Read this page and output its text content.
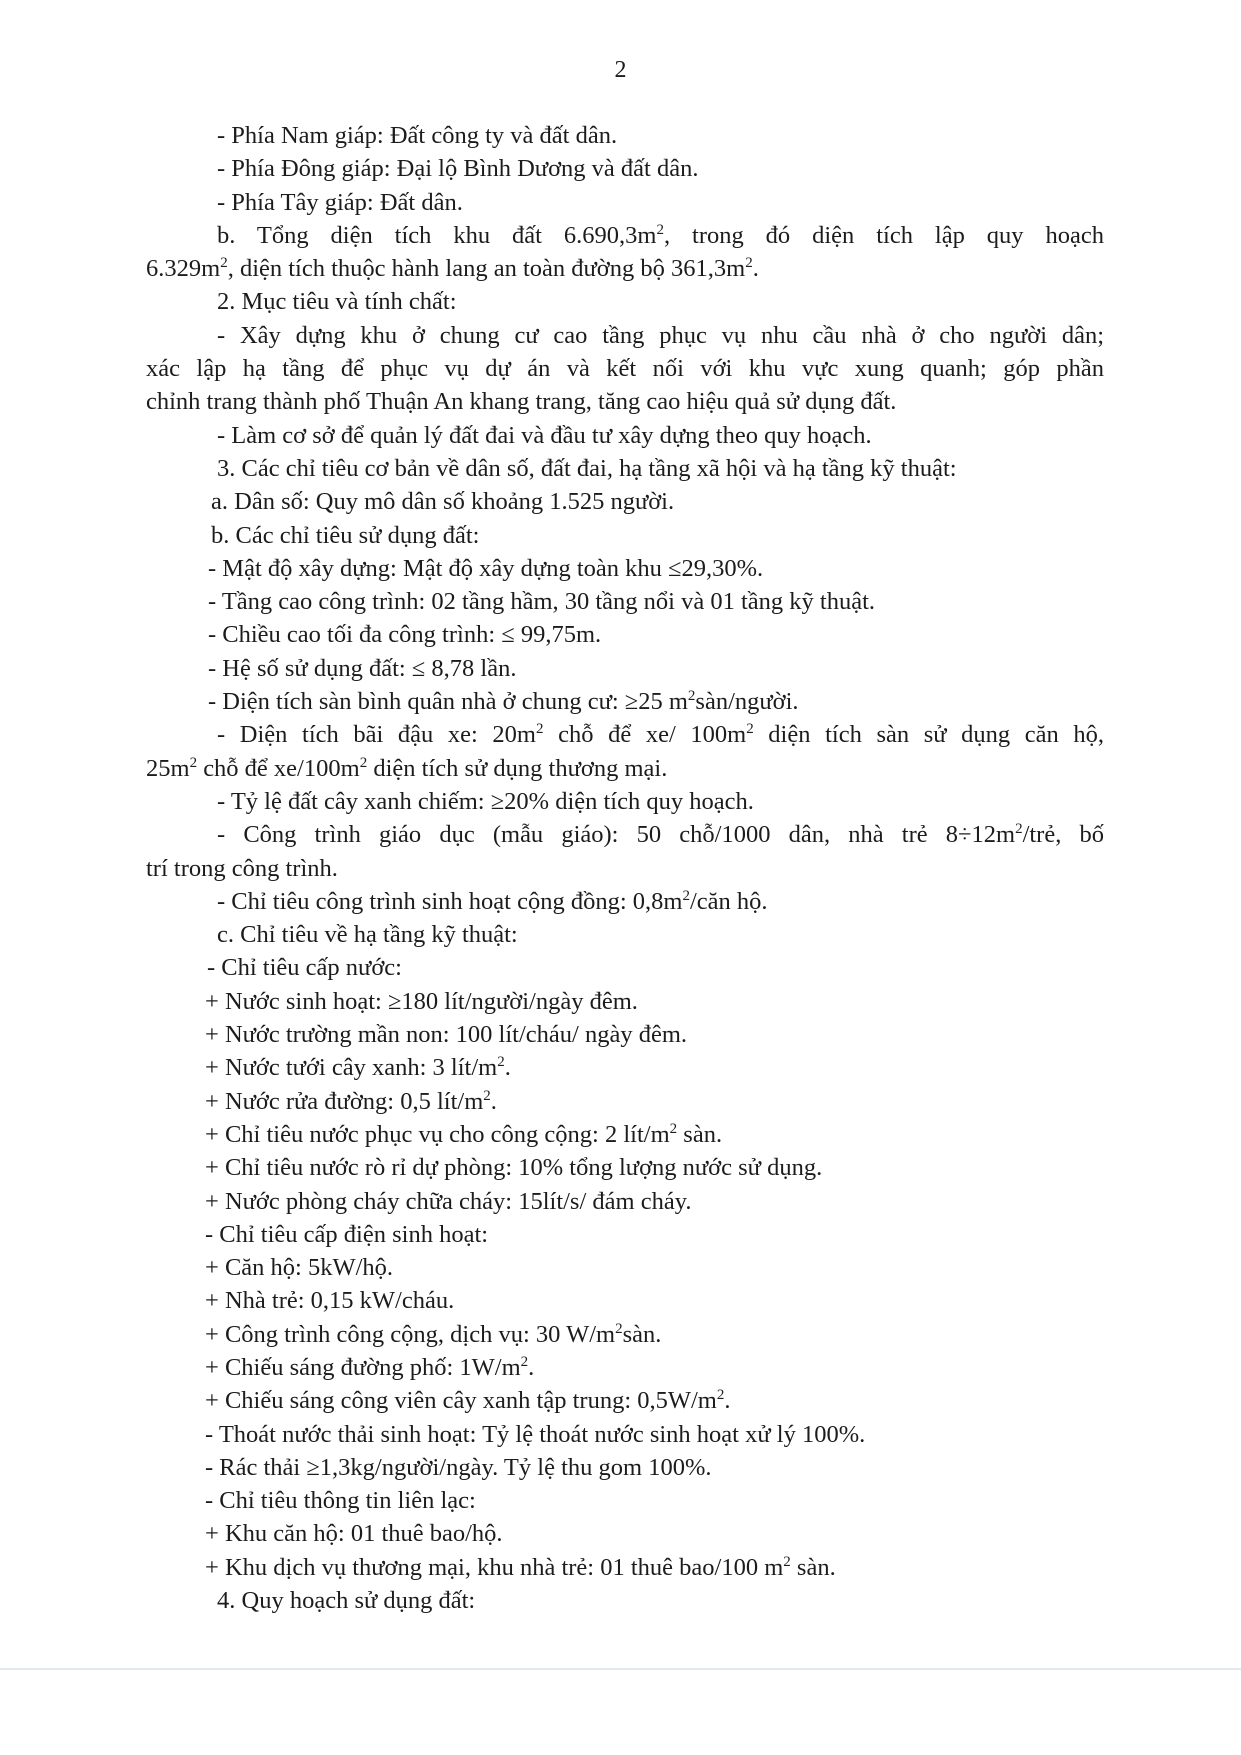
2
- Phía Nam giáp: Đất công ty và đất dân.
- Phía Đông giáp: Đại lộ Bình Dương và đất dân.
- Phía Tây giáp: Đất dân.
b. Tổng diện tích khu đất $6.690,3m^2$, trong đó diện tích lập quy hoạch
$6.329m^2$, diện tích thuộc hành lang an toàn đường bộ $361,3m^2$.
2. Mục tiêu và tính chất:
- Xây dựng khu ở chung cư cao tầng phục vụ nhu cầu nhà ở cho người dân;
xác lập hạ tầng để phục vụ dự án và kết nối với khu vực xung quanh; góp phần
chỉnh trang thành phố Thuận An khang trang, tăng cao hiệu quả sử dụng đất.
- Làm cơ sở để quản lý đất đai và đầu tư xây dựng theo quy hoạch.
3. Các chỉ tiêu cơ bản về dân số, đất đai, hạ tầng xã hội và hạ tầng kỹ thuật:
a. Dân số: Quy mô dân số khoảng 1.525 người.
b. Các chỉ tiêu sử dụng đất:
- Mật độ xây dựng: Mật độ xây dựng toàn khu ≤29,30%.
- Tầng cao công trình: 02 tầng hầm, 30 tầng nổi và 01 tầng kỹ thuật.
- Chiều cao tối đa công trình: ≤ 99,75m.
- Hệ số sử dụng đất: ≤ 8,78 lần.
- Diện tích sàn bình quân nhà ở chung cư: ≥25 $m^2sàn$/người.
- Diện tích bãi đậu xe: $20m^2$ chỗ để xe/ $100m^2$ diện tích sàn sử dụng căn hộ,
$25m^2$ chỗ để $xe/100m^2$ diện tích sử dụng thương mại.
- Tỷ lệ đất cây xanh chiếm: ≥20% diện tích quy hoạch.
- Công trình giáo dục (mẫu giáo): 50 chỗ/1000 dân, nhà trẻ $8\div 12m^2$/trẻ, bố
trí trong công trình.
- Chỉ tiêu công trình sinh hoạt cộng đồng: $0,8m^2$/căn hộ.
c. Chỉ tiêu về hạ tầng kỹ thuật:
- Chỉ tiêu cấp nước:
+ Nước sinh hoạt: ≥180 lít/người/ngày đêm.
+ Nước trường mần non: 100 lít/cháu/ ngày đêm.
+ Nước tưới cây xanh: 3 lít/$m^2$.
+ Nước rửa đường: 0,5 lít/$m^2$.
+ Chỉ tiêu nước phục vụ cho công cộng: 2 lít/$m^2$ sàn.
+ Chỉ tiêu nước rò rỉ dự phòng: 10% tổng lượng nước sử dụng.
+ Nước phòng cháy chữa cháy: 15lít/s/ đám cháy.
- Chỉ tiêu cấp điện sinh hoạt:
+ Căn hộ: 5kW/hộ.
+ Nhà trẻ: 0,15 kW/cháu.
+ Công trình công cộng, dịch vụ: 30 $W/m^2sàn$.
+ Chiếu sáng đường phố: $1W/m^2$.
+ Chiếu sáng công viên cây xanh tập trung: $0,5W/m^2$.
- Thoát nước thải sinh hoạt: Tỷ lệ thoát nước sinh hoạt xử lý 100%.
- Rác thải ≥1,3kg/người/ngày. Tỷ lệ thu gom 100%.
- Chỉ tiêu thông tin liên lạc:
+ Khu căn hộ: 01 thuê bao/hộ.
+ Khu dịch vụ thương mại, khu nhà trẻ: 01 thuê bao/100 $m^2$ sàn.
4. Quy hoạch sử dụng đất:
